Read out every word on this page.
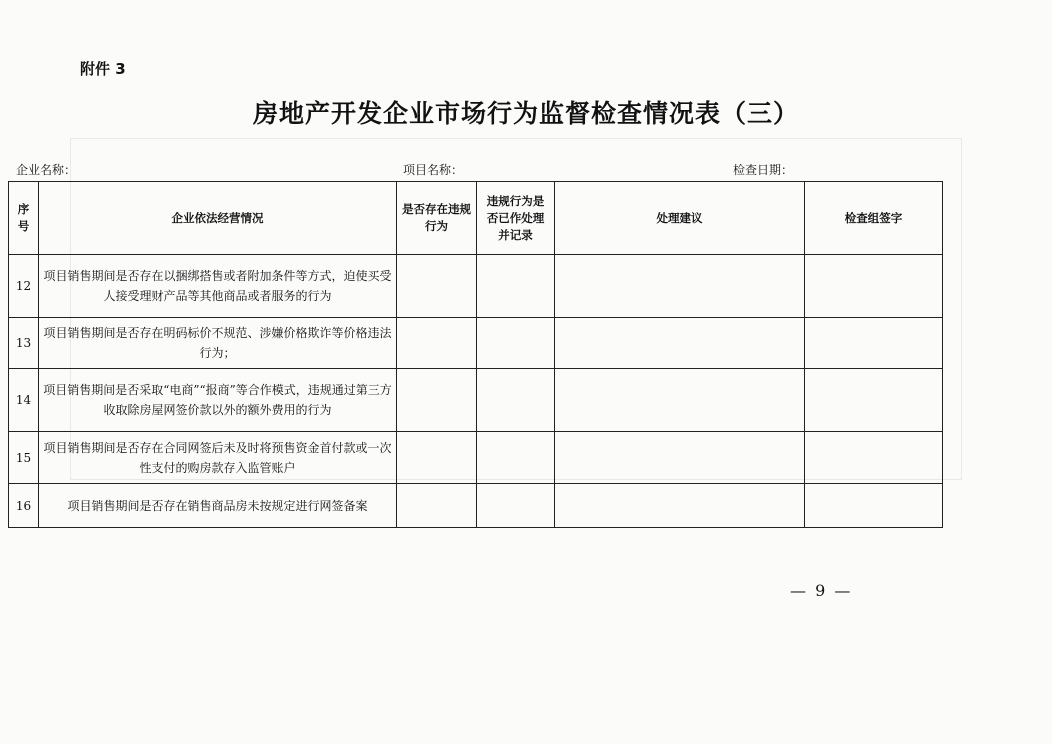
附件 3
房地产开发企业市场行为监督检查情况表（三）
企业名称：	项目名称：	检查日期：
序号	企业依法经营情况	是否存在违规行为	违规行为是否已作处理并记录	处理建议	检查组签字
12	项目销售期间是否存在以捆绑搭售或者附加条件等方式，迫使买受人接受理财产品等其他商品或者服务的行为				
13	项目销售期间是否存在明码标价不规范、涉嫌价格欺诈等价格违法行为；				
14	项目销售期间是否采取“电商”“报商”等合作模式，违规通过第三方收取除房屋网签价款以外的额外费用的行为				
15	项目销售期间是否存在合同网签后未及时将预售资金首付款或一次性支付的购房款存入监管账户				
16	项目销售期间是否存在销售商品房未按规定进行网签备案				
— 9 —
